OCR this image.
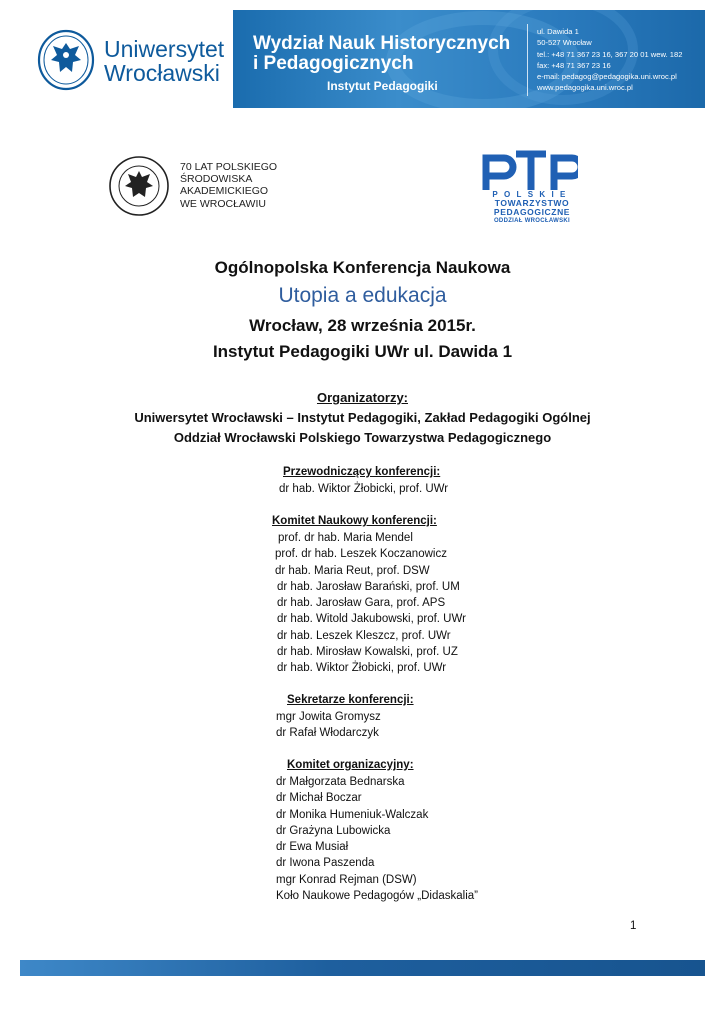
Uniwersytet
Wrocławski
Wydział Nauk Historycznych
i Pedagogicznych
Instytut Pedagogiki
ul. Dawida 1
50-527 Wrocław
tel.: +48 71 367 23 16, 367 20 01 wew. 182
fax: +48 71 367 23 16
e-mail: pedagog@pedagogika.uni.wroc.pl
www.pedagogika.uni.wroc.pl
70 LAT POLSKIEGO
ŚRODOWISKA
AKADEMICKIEGO
WE WROCŁAWIU
POLSKIE
TOWARZYSTWO
PEDAGOGICZNE
ODDZIAŁ WROCŁAWSKI
Ogólnopolska Konferencja Naukowa
Utopia a edukacja
Wrocław, 28 września 2015r.
Instytut Pedagogiki UWr ul. Dawida 1
Organizatorzy:
Uniwersytet Wrocławski – Instytut Pedagogiki, Zakład Pedagogiki Ogólnej
Oddział Wrocławski Polskiego Towarzystwa Pedagogicznego
Przewodniczący konferencji:
dr hab. Wiktor Żłobicki, prof. UWr
Komitet Naukowy konferencji:
prof. dr hab. Maria Mendel
prof. dr hab. Leszek Koczanowicz
dr hab. Maria Reut, prof. DSW
dr hab. Jarosław Barański, prof. UM
dr hab. Jarosław Gara, prof. APS
dr hab. Witold Jakubowski, prof. UWr
dr hab. Leszek Kleszcz, prof. UWr
dr hab. Mirosław Kowalski, prof. UZ
dr hab. Wiktor Żłobicki, prof. UWr
Sekretarze konferencji:
mgr Jowita Gromysz
dr Rafał Włodarczyk
Komitet organizacyjny:
dr Małgorzata Bednarska
dr Michał Boczar
dr Monika Humeniuk-Walczak
dr Grażyna Lubowicka
dr Ewa Musiał
dr Iwona Paszenda
mgr Konrad Rejman (DSW)
Koło Naukowe Pedagogów „Didaskalia”
1
